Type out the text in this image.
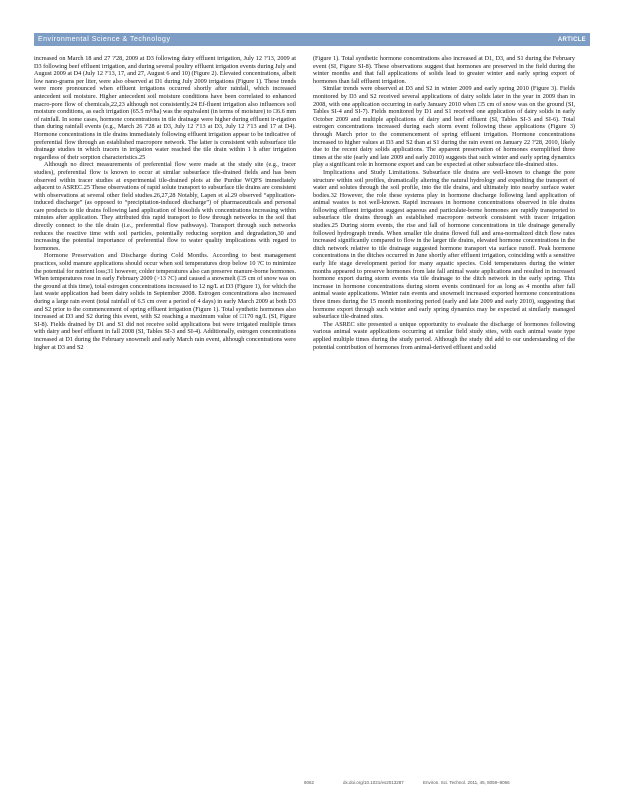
Environmental Science & Technology	ARTICLE

increased on March 18 and 27 ?'28, 2009 at D3 following dairy effluent irrigation, July 12 ?'13, 2009 at D3 following beef effluent irrigation, and during several poultry effluent irrigation events during July and August 2009 at D4 (July 12 ?'13, 17, and 27, August 6 and 10) (Figure 2). Elevated concentrations, albeit low nano-grams per liter, were also observed at D1 during July 2009 irrigations (Figure 1). These trends were more pronounced when effluent irrigations occurred shortly after rainfall, which increased antecedent soil moisture. Higher antecedent soil moisture conditions have been correlated to enhanced macro-pore flow of chemicals,22,23 although not consistently.24 Ef-fluent irrigation also influences soil moisture conditions, as each irrigation (65.5 m³/ha) was the equivalent (in terms of moisture) to □6.6 mm of rainfall. In some cases, hormone concentrations in tile drainage were higher during effluent ir-rigation than during rainfall events (e.g., March 26 ?'28 at D3, July 12 ?'13 at D3, July 12 ?'13 and 17 at D4). Hormone concentrations in tile drains immediately following effluent irrigation appear to be indicative of preferential flow through an established macropore network. The latter is consistent with subsurface tile drainage studies in which tracers in irrigation water reached the tile drain within 1 h after irrigation regardless of their sorption characteristics.25

Although no direct measurements of preferential flow were made at the study site (e.g., tracer studies), preferential flow is known to occur at similar subsurface tile-drained fields and has been observed within tracer studies at experimental tile-drained plots at the Purdue WQFS immediately adjacent to ASREC.25 These observations of rapid solute transport to subsurface tile drains are consistent with observations at several other field studies.26,27,28 Notably, Lapen et al.29 observed “application-induced discharge” (as opposed to “precipitation-induced discharge”) of pharmaceuticals and personal care products to tile drains following land application of biosolids with concentrations increasing within minutes after application. They attributed this rapid transport to flow through networks in the soil that directly connect to the tile drain (i.e., preferential flow pathways). Transport through such networks reduces the reactive time with soil particles, potentially reducing sorption and degradation,30 and increasing the potential importance of preferential flow to water quality implications with regard to hormones.

Hormone Preservation and Discharge during Cold Months. According to best management practices, solid manure applications should occur when soil temperatures drop below 10 ?C to minimize the potential for nutrient loss;31 however, colder temperatures also can preserve manure-borne hormones. When temperatures rose in early February 2009 (>13 ?C) and caused a snowmelt (□5 cm of snow was on the ground at this time), total estrogen concentrations increased to 12 ng/L at D3 (Figure 1), for which the last waste application had been dairy solids in September 2008. Estrogen concentrations also increased during a large rain event (total rainfall of 6.5 cm over a period of 4 days) in early March 2009 at both D3 and S2 prior to the commencement of spring effluent irrigation (Figure 1). Total synthetic hormones also increased at D3 and S2 during this event, with S2 reaching a maximum value of □170 ng/L (SI, Figure SI-8). Fields drained by D1 and S1 did not receive solid applications but were irrigated multiple times with dairy and beef effluent in fall 2008 (SI, Tables SI-3 and SI-4). Additionally, estrogen concentrations increased at D1 during the February snowmelt and early March rain event, although concentrations were higher at D3 and S2

(Figure 1). Total synthetic hormone concentrations also increased at D1, D3, and S1 during the February event (SI, Figure SI-8). These observations suggest that hormones are preserved in the field during the winter months and that fall applications of solids lead to greater winter and early spring export of hormones than fall effluent irrigation.

Similar trends were observed at D3 and S2 in winter 2009 and early spring 2010 (Figure 3). Fields monitored by D3 and S2 received several applications of dairy solids later in the year in 2009 than in 2008, with one application occurring in early January 2010 when □5 cm of snow was on the ground (SI, Tables SI-4 and SI-7). Fields monitored by D1 and S1 received one application of dairy solids in early October 2009 and multiple applications of dairy and beef effluent (SI, Tables SI-3 and SI-6). Total estrogen concentrations increased during each storm event following these applications (Figure 3) through March prior to the commencement of spring effluent irrigation. Hormone concentrations increased to higher values at D3 and S2 than at S1 during the rain event on January 22 ?'28, 2010, likely due to the recent dairy solids applications. The apparent preservation of hormones exemplified three times at the site (early and late 2009 and early 2010) suggests that such winter and early spring dynamics play a significant role in hormone export and can be expected at other subsurface tile-drained sites.

Implications and Study Limitations. Subsurface tile drains are well-known to change the pore structure within soil profiles, dramatically altering the natural hydrology and expediting the transport of water and solutes through the soil profile, into the tile drains, and ultimately into nearby surface water bodies.32 However, the role these systems play in hormone discharge following land application of animal wastes is not well-known. Rapid increases in hormone concentrations observed in tile drains following effluent irrigation suggest aqueous and particulate-borne hormones are rapidly transported to subsurface tile drains through an established macropore network consistent with tracer irrigation studies.25 During storm events, the rise and fall of hormone concentrations in tile drainage generally followed hydrograph trends. When smaller tile drains flowed full and area-normalized ditch flow rates increased significantly compared to flow in the larger tile drains, elevated hormone concentrations in the ditch network relative to tile drainage suggested hormone transport via surface runoff. Peak hormone concentrations in the ditches occurred in June shortly after effluent irrigation, coinciding with a sensitive early life stage development period for many aquatic species. Cold temperatures during the winter months appeared to preserve hormones from late fall animal waste applications and resulted in increased hormone export during storm events via tile drainage to the ditch network in the early spring. This increase in hormone concentrations during storm events continued for as long as 4 months after fall animal waste applications. Winter rain events and snowmelt increased exported hormone concentrations three times during the 15 month monitoring period (early and late 2009 and early 2010), suggesting that hormone export through such winter and early spring dynamics may be expected at similarly managed subsurface tile-drained sites.

The ASREC site presented a unique opportunity to evaluate the discharge of hormones following various animal waste applications occurring at similar field study sites, with each animal waste type applied multiple times during the study period. Although the study did add to our understanding of the potential contribution of hormones from animal-derived effluent and solid

8062	dx.doi.org/10.1021/es2013287	Environ. Sci. Technol. 2011, 45, 8059–8066
